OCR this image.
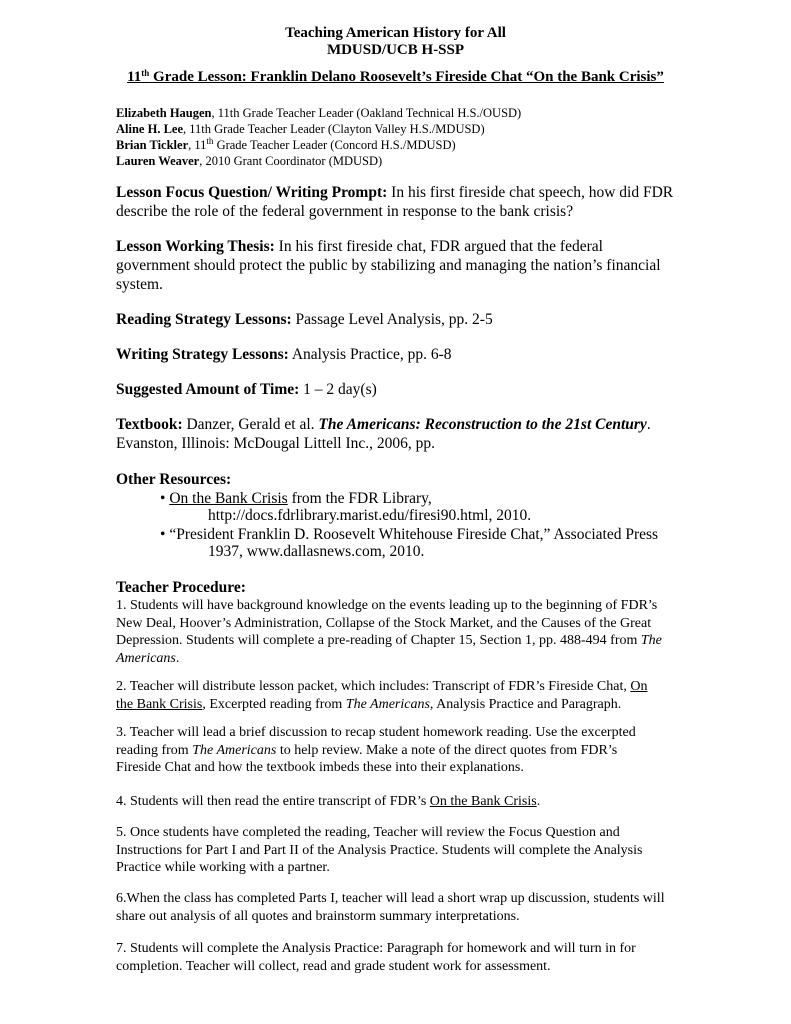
Teaching American History for All

MDUSD/UCB H-SSP

11th Grade Lesson: Franklin Delano Roosevelt’s Fireside Chat “On the Bank Crisis”

Elizabeth Haugen, 11th Grade Teacher Leader (Oakland Technical H.S./OUSD)
Aline H. Lee, 11th Grade Teacher Leader (Clayton Valley H.S./MDUSD)
Brian Tickler, 11th Grade Teacher Leader (Concord H.S./MDUSD)
Lauren Weaver, 2010 Grant Coordinator (MDUSD)
Lesson Focus Question/ Writing Prompt: In his first fireside chat speech, how did FDR
describe the role of the federal government in response to the bank crisis?
Lesson Working Thesis: In his first fireside chat, FDR argued that the federal
government should protect the public by stabilizing and managing the nation’s financial
system.
Reading Strategy Lessons: Passage Level Analysis, pp. 2-5
Writing Strategy Lessons: Analysis Practice, pp. 6-8
Suggested Amount of Time: 1 – 2 day(s)
Textbook: Danzer, Gerald et al. The Americans: Reconstruction to the 21st Century.
Evanston, Illinois: McDougal Littell Inc., 2006, pp.
Other Resources:
• On the Bank Crisis from the FDR Library,
http://docs.fdrlibrary.marist.edu/firesi90.html, 2010.
• “President Franklin D. Roosevelt Whitehouse Fireside Chat,” Associated Press
1937, www.dallasnews.com, 2010.
Teacher Procedure:
1. Students will have background knowledge on the events leading up to the beginning of FDR’s
New Deal, Hoover’s Administration, Collapse of the Stock Market, and the Causes of the Great
Depression. Students will complete a pre-reading of Chapter 15, Section 1, pp. 488-494 from The
Americans.
2. Teacher will distribute lesson packet, which includes: Transcript of FDR’s Fireside Chat, On
the Bank Crisis, Excerpted reading from The Americans, Analysis Practice and Paragraph.
3. Teacher will lead a brief discussion to recap student homework reading. Use the excerpted
reading from The Americans to help review. Make a note of the direct quotes from FDR’s
Fireside Chat and how the textbook imbeds these into their explanations.
4. Students will then read the entire transcript of FDR’s On the Bank Crisis.
5. Once students have completed the reading, Teacher will review the Focus Question and
Instructions for Part I and Part II of the Analysis Practice. Students will complete the Analysis
Practice while working with a partner.
6.When the class has completed Parts I, teacher will lead a short wrap up discussion, students will
share out analysis of all quotes and brainstorm summary interpretations.
7. Students will complete the Analysis Practice: Paragraph for homework and will turn in for
completion. Teacher will collect, read and grade student work for assessment.
